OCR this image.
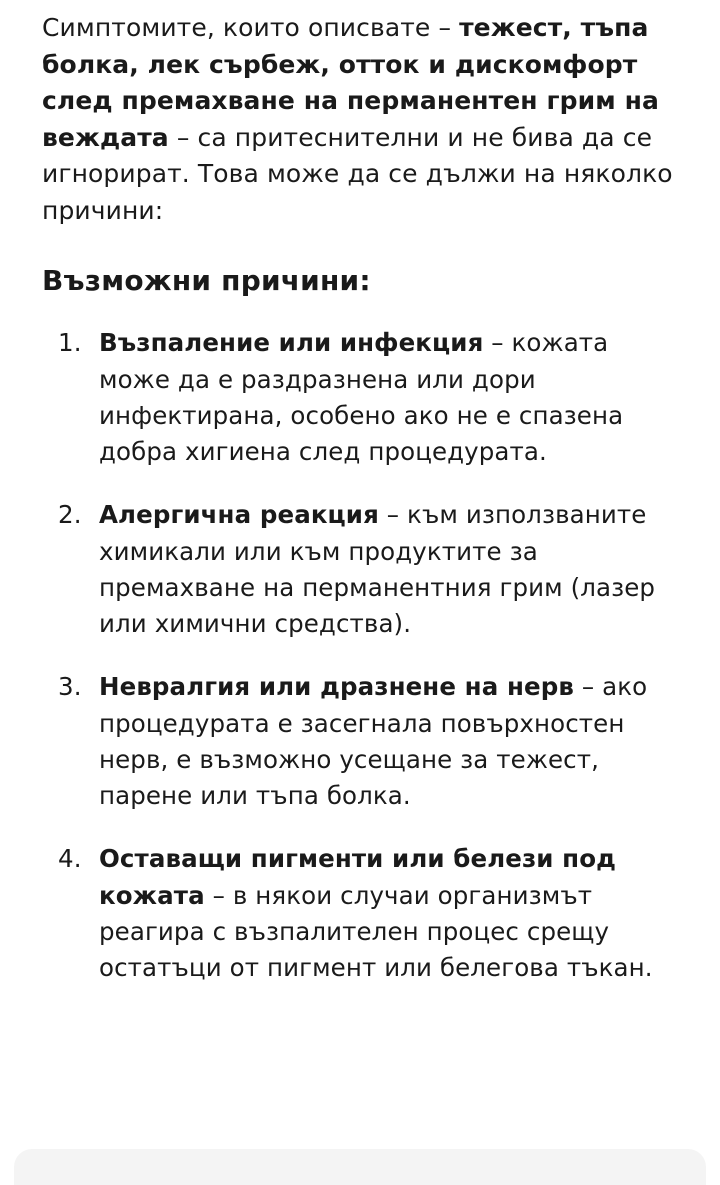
Симптомите, които описвате – тежест, тъпа болка, лек сърбеж, отток и дискомфорт след премахване на перманентен грим на веждата – са притеснителни и не бива да се игнорират. Това може да се дължи на няколко причини:

Възможни причини:
Възпаление или инфекция – кожата може да е раздразнена или дори инфектирана, особено ако не е спазена добра хигиена след процедурата.
Алергична реакция – към използваните химикали или към продуктите за премахване на перманентния грим (лазер или химични средства).
Невралгия или дразнене на нерв – ако процедурата е засегнала повърхностен нерв, е възможно усещане за тежест, парене или тъпа болка.
Оставащи пигменти или белези под кожата – в някои случаи организмът реагира с възпалителен процес срещу остатъци от пигмент или белегова тъкан.
